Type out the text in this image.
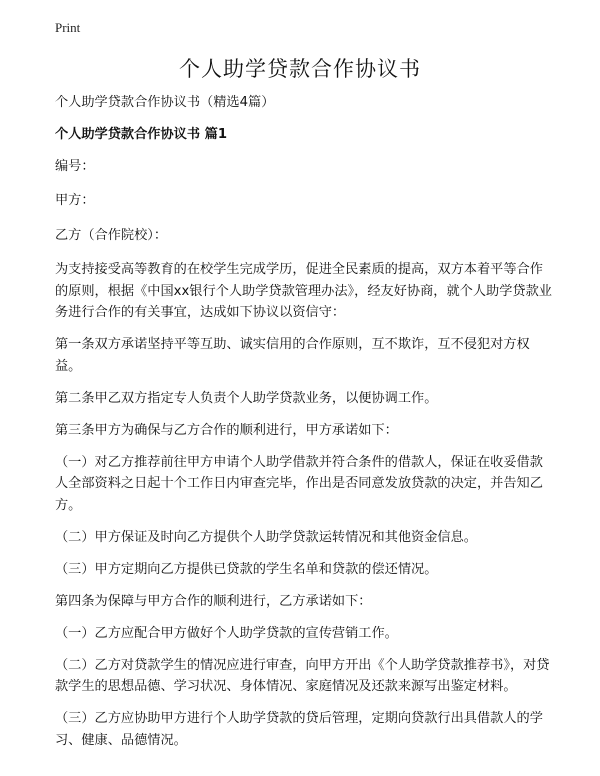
Print
个人助学贷款合作协议书

个人助学贷款合作协议书（精选4篇）

个人助学贷款合作协议书 篇1

编号：

甲方：

乙方（合作院校）：

为支持接受高等教育的在校学生完成学历，促进全民素质的提高，双方本着平等合作的原则，根据《中国xx银行个人助学贷款管理办法》，经友好协商，就个人助学贷款业务进行合作的有关事宜，达成如下协议以资信守：

第一条双方承诺坚持平等互助、诚实信用的合作原则，互不欺诈，互不侵犯对方权益。

第二条甲乙双方指定专人负责个人助学贷款业务，以便协调工作。

第三条甲方为确保与乙方合作的顺利进行，甲方承诺如下：

（一）对乙方推荐前往甲方申请个人助学借款并符合条件的借款人，保证在收妥借款人全部资料之日起十个工作日内审查完毕，作出是否同意发放贷款的决定，并告知乙方。

（二）甲方保证及时向乙方提供个人助学贷款运转情况和其他资金信息。

（三）甲方定期向乙方提供已贷款的学生名单和贷款的偿还情况。

第四条为保障与甲方合作的顺利进行，乙方承诺如下：

（一）乙方应配合甲方做好个人助学贷款的宣传营销工作。

（二）乙方对贷款学生的情况应进行审查，向甲方开出《个人助学贷款推荐书》，对贷款学生的思想品德、学习状况、身体情况、家庭情况及还款来源写出鉴定材料。

（三）乙方应协助甲方进行个人助学贷款的贷后管理，定期向贷款行出具借款人的学习、健康、品德情况。
